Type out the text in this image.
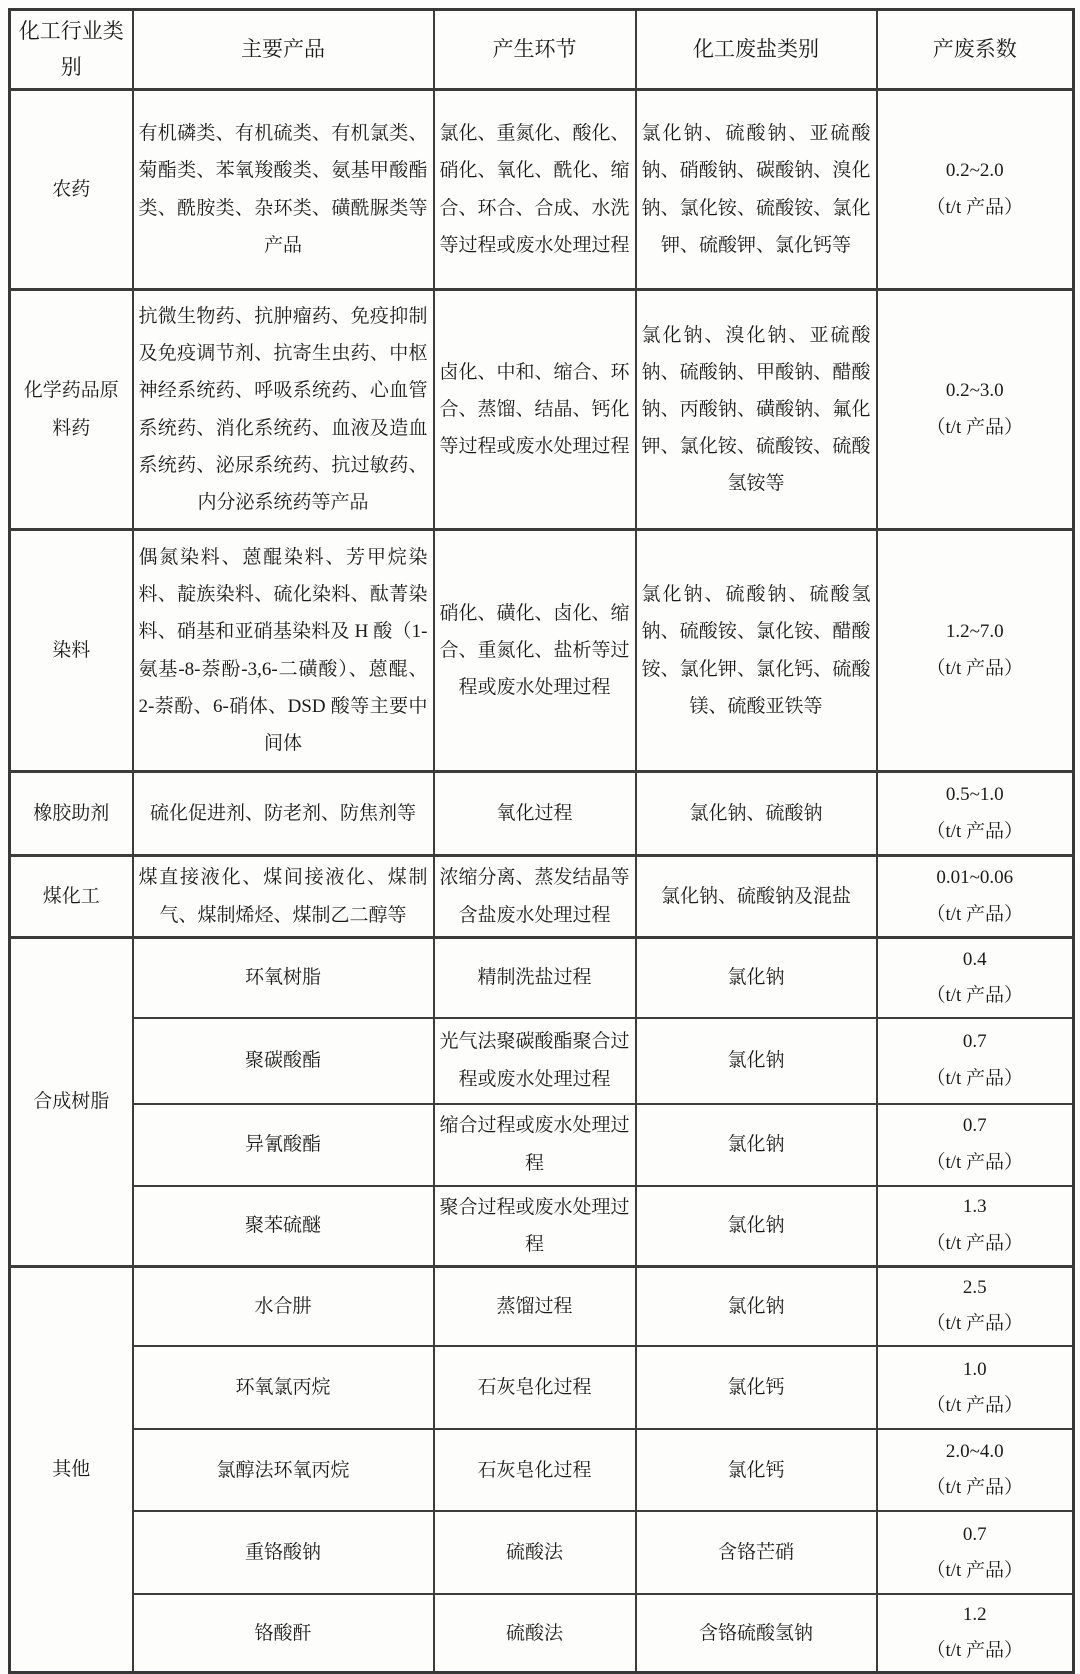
化工行业类别	主要产品	产生环节	化工废盐类别	产废系数
农药	有机磷类、有机硫类、有机氯类、菊酯类、苯氧羧酸类、氨基甲酸酯类、酰胺类、杂环类、磺酰脲类等产品	氯化、重氮化、酸化、硝化、氧化、酰化、缩合、环合、合成、水洗等过程或废水处理过程	氯化钠、硫酸钠、亚硫酸钠、硝酸钠、碳酸钠、溴化钠、氯化铵、硫酸铵、氯化钾、硫酸钾、氯化钙等	0.2~2.0
（t/t 产品）

化学药品原料药	抗微生物药、抗肿瘤药、免疫抑制及免疫调节剂、抗寄生虫药、中枢神经系统药、呼吸系统药、心血管系统药、消化系统药、血液及造血系统药、泌尿系统药、抗过敏药、内分泌系统药等产品	卤化、中和、缩合、环合、蒸馏、结晶、钙化等过程或废水处理过程	氯化钠、溴化钠、亚硫酸钠、硫酸钠、甲酸钠、醋酸钠、丙酸钠、磺酸钠、氟化钾、氯化铵、硫酸铵、硫酸氢铵等	0.2~3.0
（t/t 产品）

染料	偶氮染料、蒽醌染料、芳甲烷染料、靛族染料、硫化染料、酞菁染料、硝基和亚硝基染料及 H 酸（1-氨基-8-萘酚-3,6-二磺酸）、蒽醌、2-萘酚、6-硝体、DSD 酸等主要中间体	硝化、磺化、卤化、缩合、重氮化、盐析等过程或废水处理过程	氯化钠、硫酸钠、硫酸氢钠、硫酸铵、氯化铵、醋酸铵、氯化钾、氯化钙、硫酸镁、硫酸亚铁等	1.2~7.0
（t/t 产品）

橡胶助剂	硫化促进剂、防老剂、防焦剂等	氧化过程	氯化钠、硫酸钠	0.5~1.0
（t/t 产品）

煤化工	煤直接液化、煤间接液化、煤制气、煤制烯烃、煤制乙二醇等	浓缩分离、蒸发结晶等含盐废水处理过程	氯化钠、硫酸钠及混盐	0.01~0.06
（t/t 产品）

合成树脂	环氧树脂	精制洗盐过程	氯化钠	0.4
（t/t 产品）

	聚碳酸酯	光气法聚碳酸酯聚合过程或废水处理过程	氯化钠	0.7
（t/t 产品）

	异氰酸酯	缩合过程或废水处理过程	氯化钠	0.7
（t/t 产品）

	聚苯硫醚	聚合过程或废水处理过程	氯化钠	1.3
（t/t 产品）

其他	水合肼	蒸馏过程	氯化钠	2.5
（t/t 产品）

	环氧氯丙烷	石灰皂化过程	氯化钙	1.0
（t/t 产品）

	氯醇法环氧丙烷	石灰皂化过程	氯化钙	2.0~4.0
（t/t 产品）

	重铬酸钠	硫酸法	含铬芒硝	0.7
（t/t 产品）

	铬酸酐	硫酸法	含铬硫酸氢钠	1.2
（t/t 产品）
